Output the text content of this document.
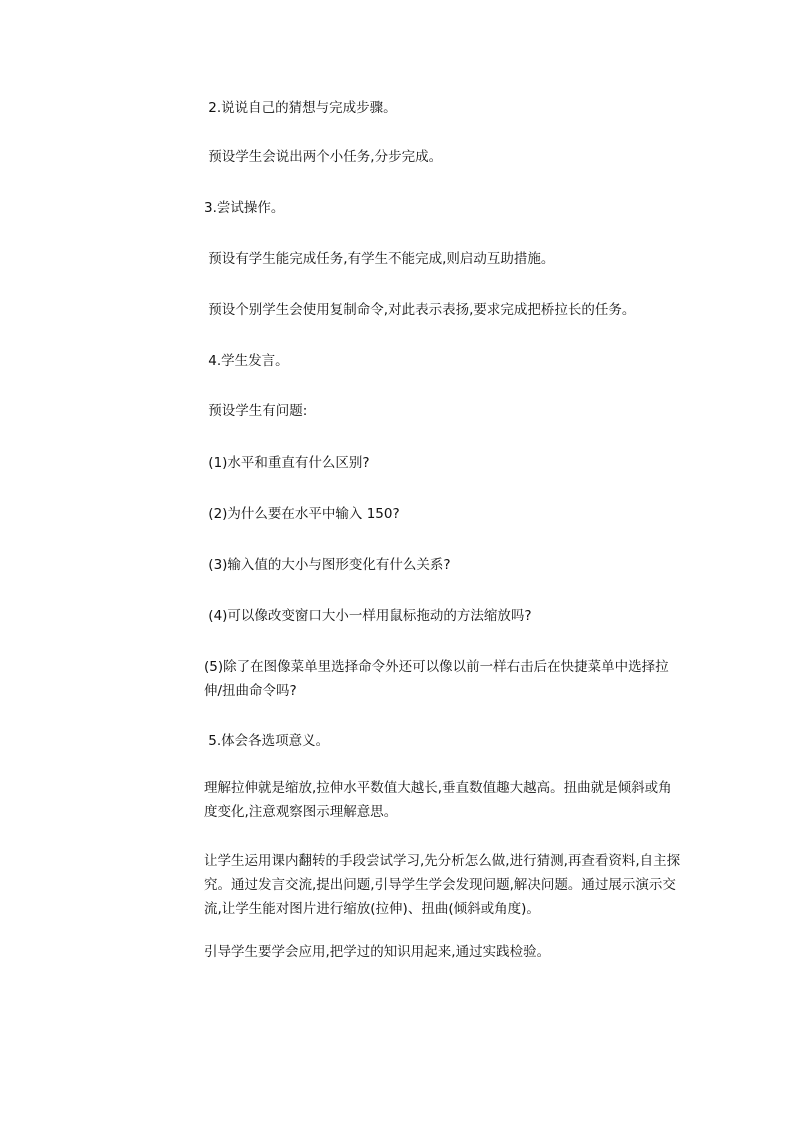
2.说说自己的猜想与完成步骤。

预设学生会说出两个小任务,分步完成。

3.尝试操作。

预设有学生能完成任务,有学生不能完成,则启动互助措施。

预设个别学生会使用复制命令,对此表示表扬,要求完成把桥拉长的任务。

4.学生发言。

预设学生有问题:

(1)水平和重直有什么区别?

(2)为什么要在水平中输入 150?

(3)输入值的大小与图形变化有什么关系?

(4)可以像改变窗口大小一样用鼠标拖动的方法缩放吗?

(5)除了在图像菜单里选择命令外还可以像以前一样右击后在快捷菜单中选择拉伸/扭曲命令吗?

5.体会各选项意义。

理解拉伸就是缩放,拉伸水平数值大越长,垂直数值趣大越高。扭曲就是倾斜或角度变化,注意观察图示理解意思。

让学生运用课内翻转的手段尝试学习,先分析怎么做,进行猜测,再查看资料,自主探究。通过发言交流,提出问题,引导学生学会发现问题,解决问题。通过展示演示交流,让学生能对图片进行缩放(拉伸)、扭曲(倾斜或角度)。

引导学生要学会应用,把学过的知识用起来,通过实践检验。
